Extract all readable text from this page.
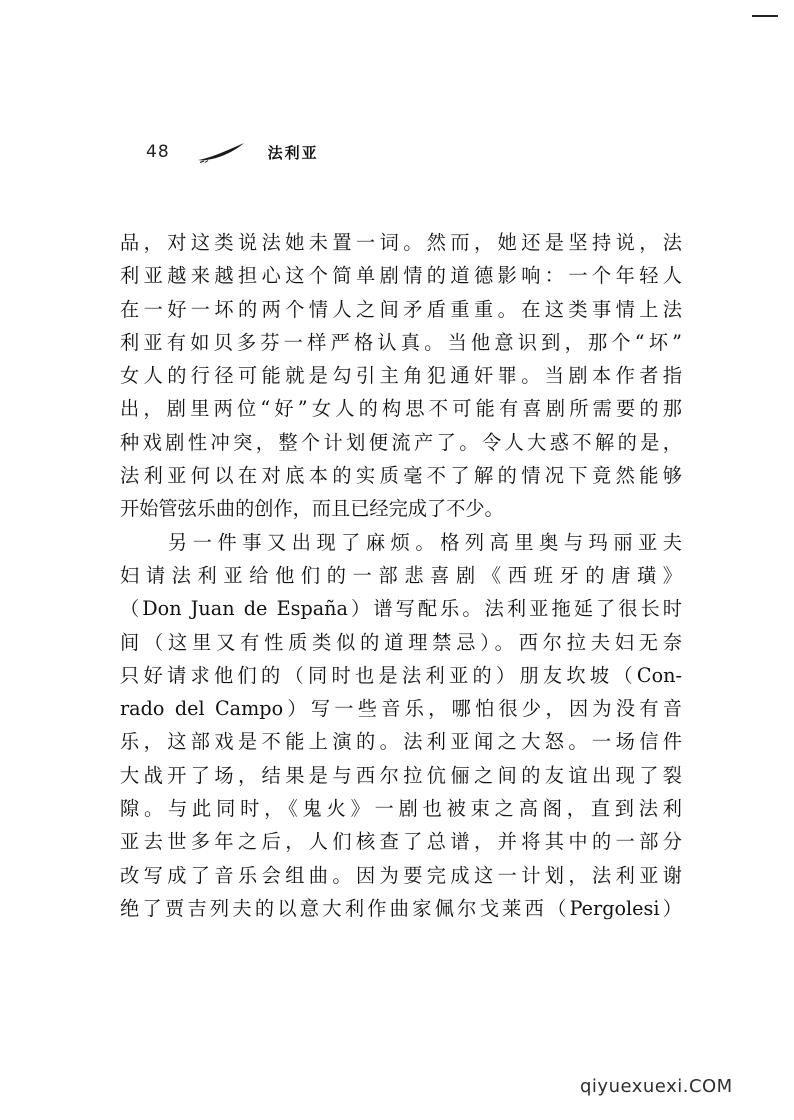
48	法利亚
品，对这类说法她未置一词。然而，她还是坚持说，法
利亚越来越担心这个简单剧情的道德影响：一个年轻人
在一好一坏的两个情人之间矛盾重重。在这类事情上法
利亚有如贝多芬一样严格认真。当他意识到，那个“坏”
女人的行径可能就是勾引主角犯通奸罪。当剧本作者指
出，剧里两位“好”女人的构思不可能有喜剧所需要的那
种戏剧性冲突，整个计划便流产了。令人大惑不解的是，
法利亚何以在对底本的实质毫不了解的情况下竟然能够
开始管弦乐曲的创作，而且已经完成了不少。
另一件事又出现了麻烦。格列高里奥与玛丽亚夫
妇请法利亚给他们的一部悲喜剧《西班牙的唐璜》
（Don Juan de España）谱写配乐。法利亚拖延了很长时
间（这里又有性质类似的道理禁忌）。西尔拉夫妇无奈
只好请求他们的（同时也是法利亚的）朋友坎坡（Con-
rado del Campo）写一些音乐，哪怕很少，因为没有音
乐，这部戏是不能上演的。法利亚闻之大怒。一场信件
大战开了场，结果是与西尔拉伉俪之间的友谊出现了裂
隙。与此同时，《鬼火》一剧也被束之高阁，直到法利
亚去世多年之后，人们核查了总谱，并将其中的一部分
改写成了音乐会组曲。因为要完成这一计划，法利亚谢
绝了贾吉列夫的以意大利作曲家佩尔戈莱西（Pergolesi）
qiyuexuexi.COM
